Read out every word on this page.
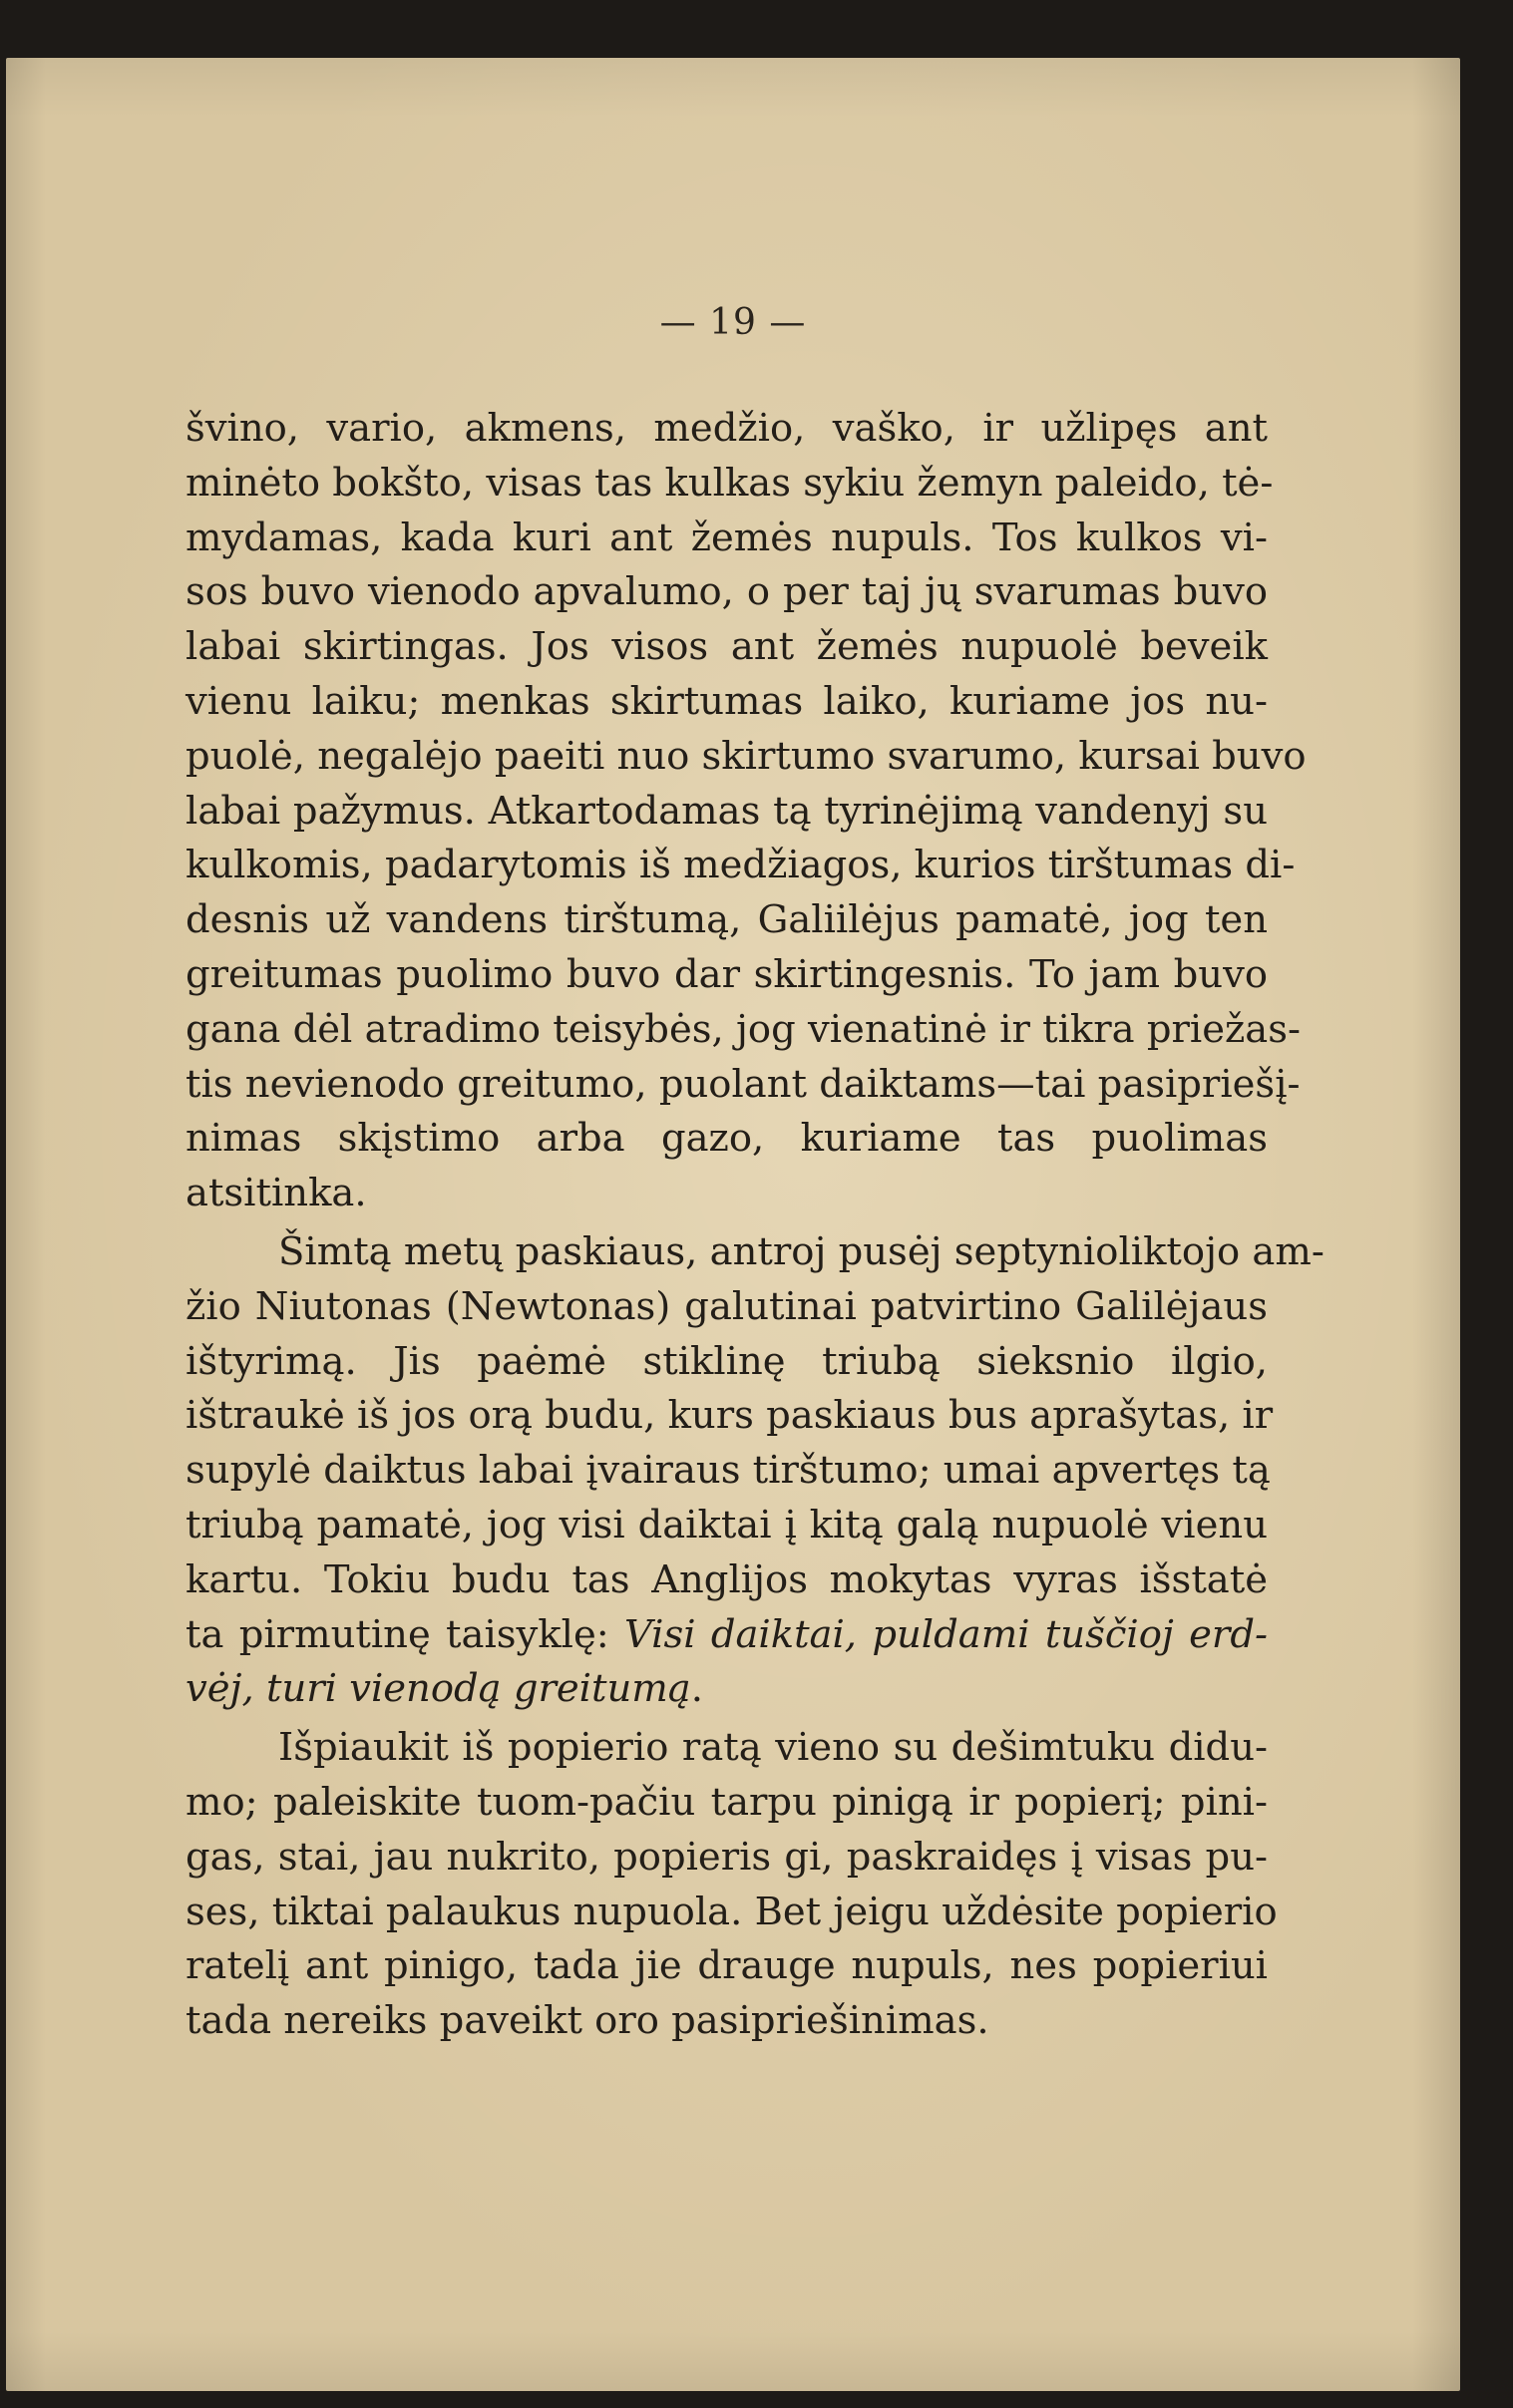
— 19 —
švino, vario, akmens, medžio, vaško, ir užlipęs ant
minėto bokšto, visas tas kulkas sykiu žemyn paleido, tė-
mydamas, kada kuri ant žemės nupuls. Tos kulkos vi-
sos buvo vienodo apvalumo, o per taj jų svarumas buvo
labai skirtingas. Jos visos ant žemės nupuolė beveik
vienu laiku; menkas skirtumas laiko, kuriame jos nu-
puolė, negalėjo paeiti nuo skirtumo svarumo, kursai buvo
labai pažymus. Atkartodamas tą tyrinėjimą vandenyj su
kulkomis, padarytomis iš medžiagos, kurios tirštumas di-
desnis už vandens tirštumą, Galiilėjus pamatė, jog ten
greitumas puolimo buvo dar skirtingesnis. To jam buvo
gana dėl atradimo teisybės, jog vienatinė ir tikra priežas-
tis nevienodo greitumo, puolant daiktams—tai pasipriešį-
nimas skįstimo arba gazo, kuriame tas puolimas
atsitinka.
Šimtą metų paskiaus, antroj pusėj septynioliktojo am-
žio Niutonas (Newtonas) galutinai patvirtino Galilėjaus
ištyrimą. Jis paėmė stiklinę triubą sieksnio ilgio,
ištraukė iš jos orą budu, kurs paskiaus bus aprašytas, ir
supylė daiktus labai įvairaus tirštumo; umai apvertęs tą
triubą pamatė, jog visi daiktai į kitą galą nupuolė vienu
kartu. Tokiu budu tas Anglijos mokytas vyras išstatė
ta pirmutinę taisyklę: Visi daiktai, puldami tuščioj erd-
vėj, turi vienodą greitumą.
Išpiaukit iš popierio ratą vieno su dešimtuku didu-
mo; paleiskite tuom-pačiu tarpu pinigą ir popierį; pini-
gas, stai, jau nukrito, popieris gi, paskraidęs į visas pu-
ses, tiktai palaukus nupuola. Bet jeigu uždėsite popierio
ratelį ant pinigo, tada jie drauge nupuls, nes popieriui
tada nereiks paveikt oro pasipriešinimas.
